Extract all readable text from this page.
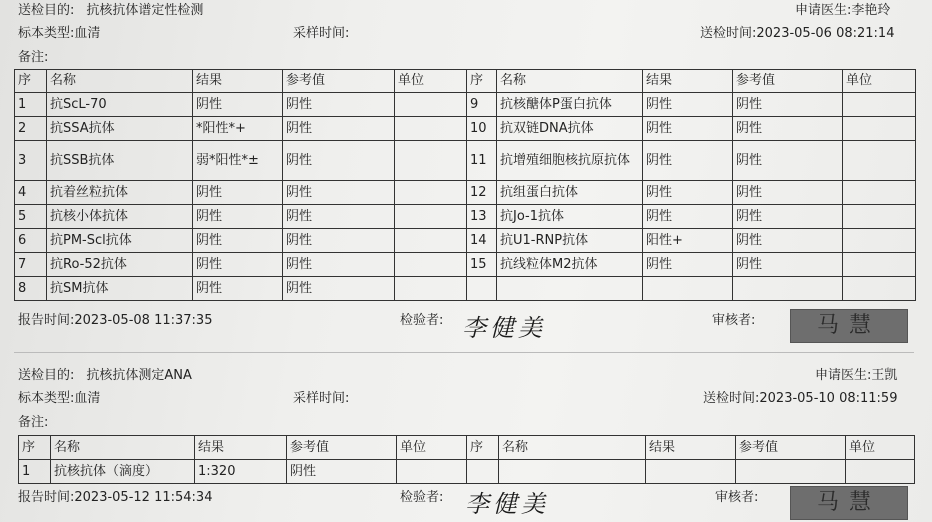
送检目的: 抗核抗体谱定性检测	申请医生:李艳玲
标本类型:血清	采样时间:	送检时间:2023-05-06 08:21:14
备注:
序	名称	结果	参考值	单位	序	名称	结果	参考值	单位
1	抗ScL-70	阴性	阴性		9	抗核醣体P蛋白抗体	阴性	阴性	
2	抗SSA抗体	*阳性*+	阴性		10	抗双链DNA抗体	阴性	阴性	
3	抗SSB抗体	弱*阳性*±	阴性		11	抗增殖细胞核抗原抗体	阴性	阴性	
4	抗着丝粒抗体	阴性	阴性		12	抗组蛋白抗体	阴性	阴性	
5	抗核小体抗体	阴性	阴性		13	抗Jo-1抗体	阴性	阴性	
6	抗PM-Scl抗体	阴性	阴性		14	抗U1-RNP抗体	阳性+	阴性	
7	抗Ro-52抗体	阴性	阴性		15	抗线粒体M2抗体	阴性	阴性	
8	抗SM抗体	阴性	阴性						
报告时间:2023-05-08 11:37:35	检验者: 李健美	审核者:	马慧
送检目的: 抗核抗体测定ANA	申请医生:王凯
标本类型:血清	采样时间:	送检时间:2023-05-10 08:11:59
备注:
序	名称	结果	参考值	单位	序	名称	结果	参考值	单位
1	抗核抗体（滴度）	1:320	阴性						
报告时间:2023-05-12 11:54:34	检验者: 李健美	审核者:	马慧
